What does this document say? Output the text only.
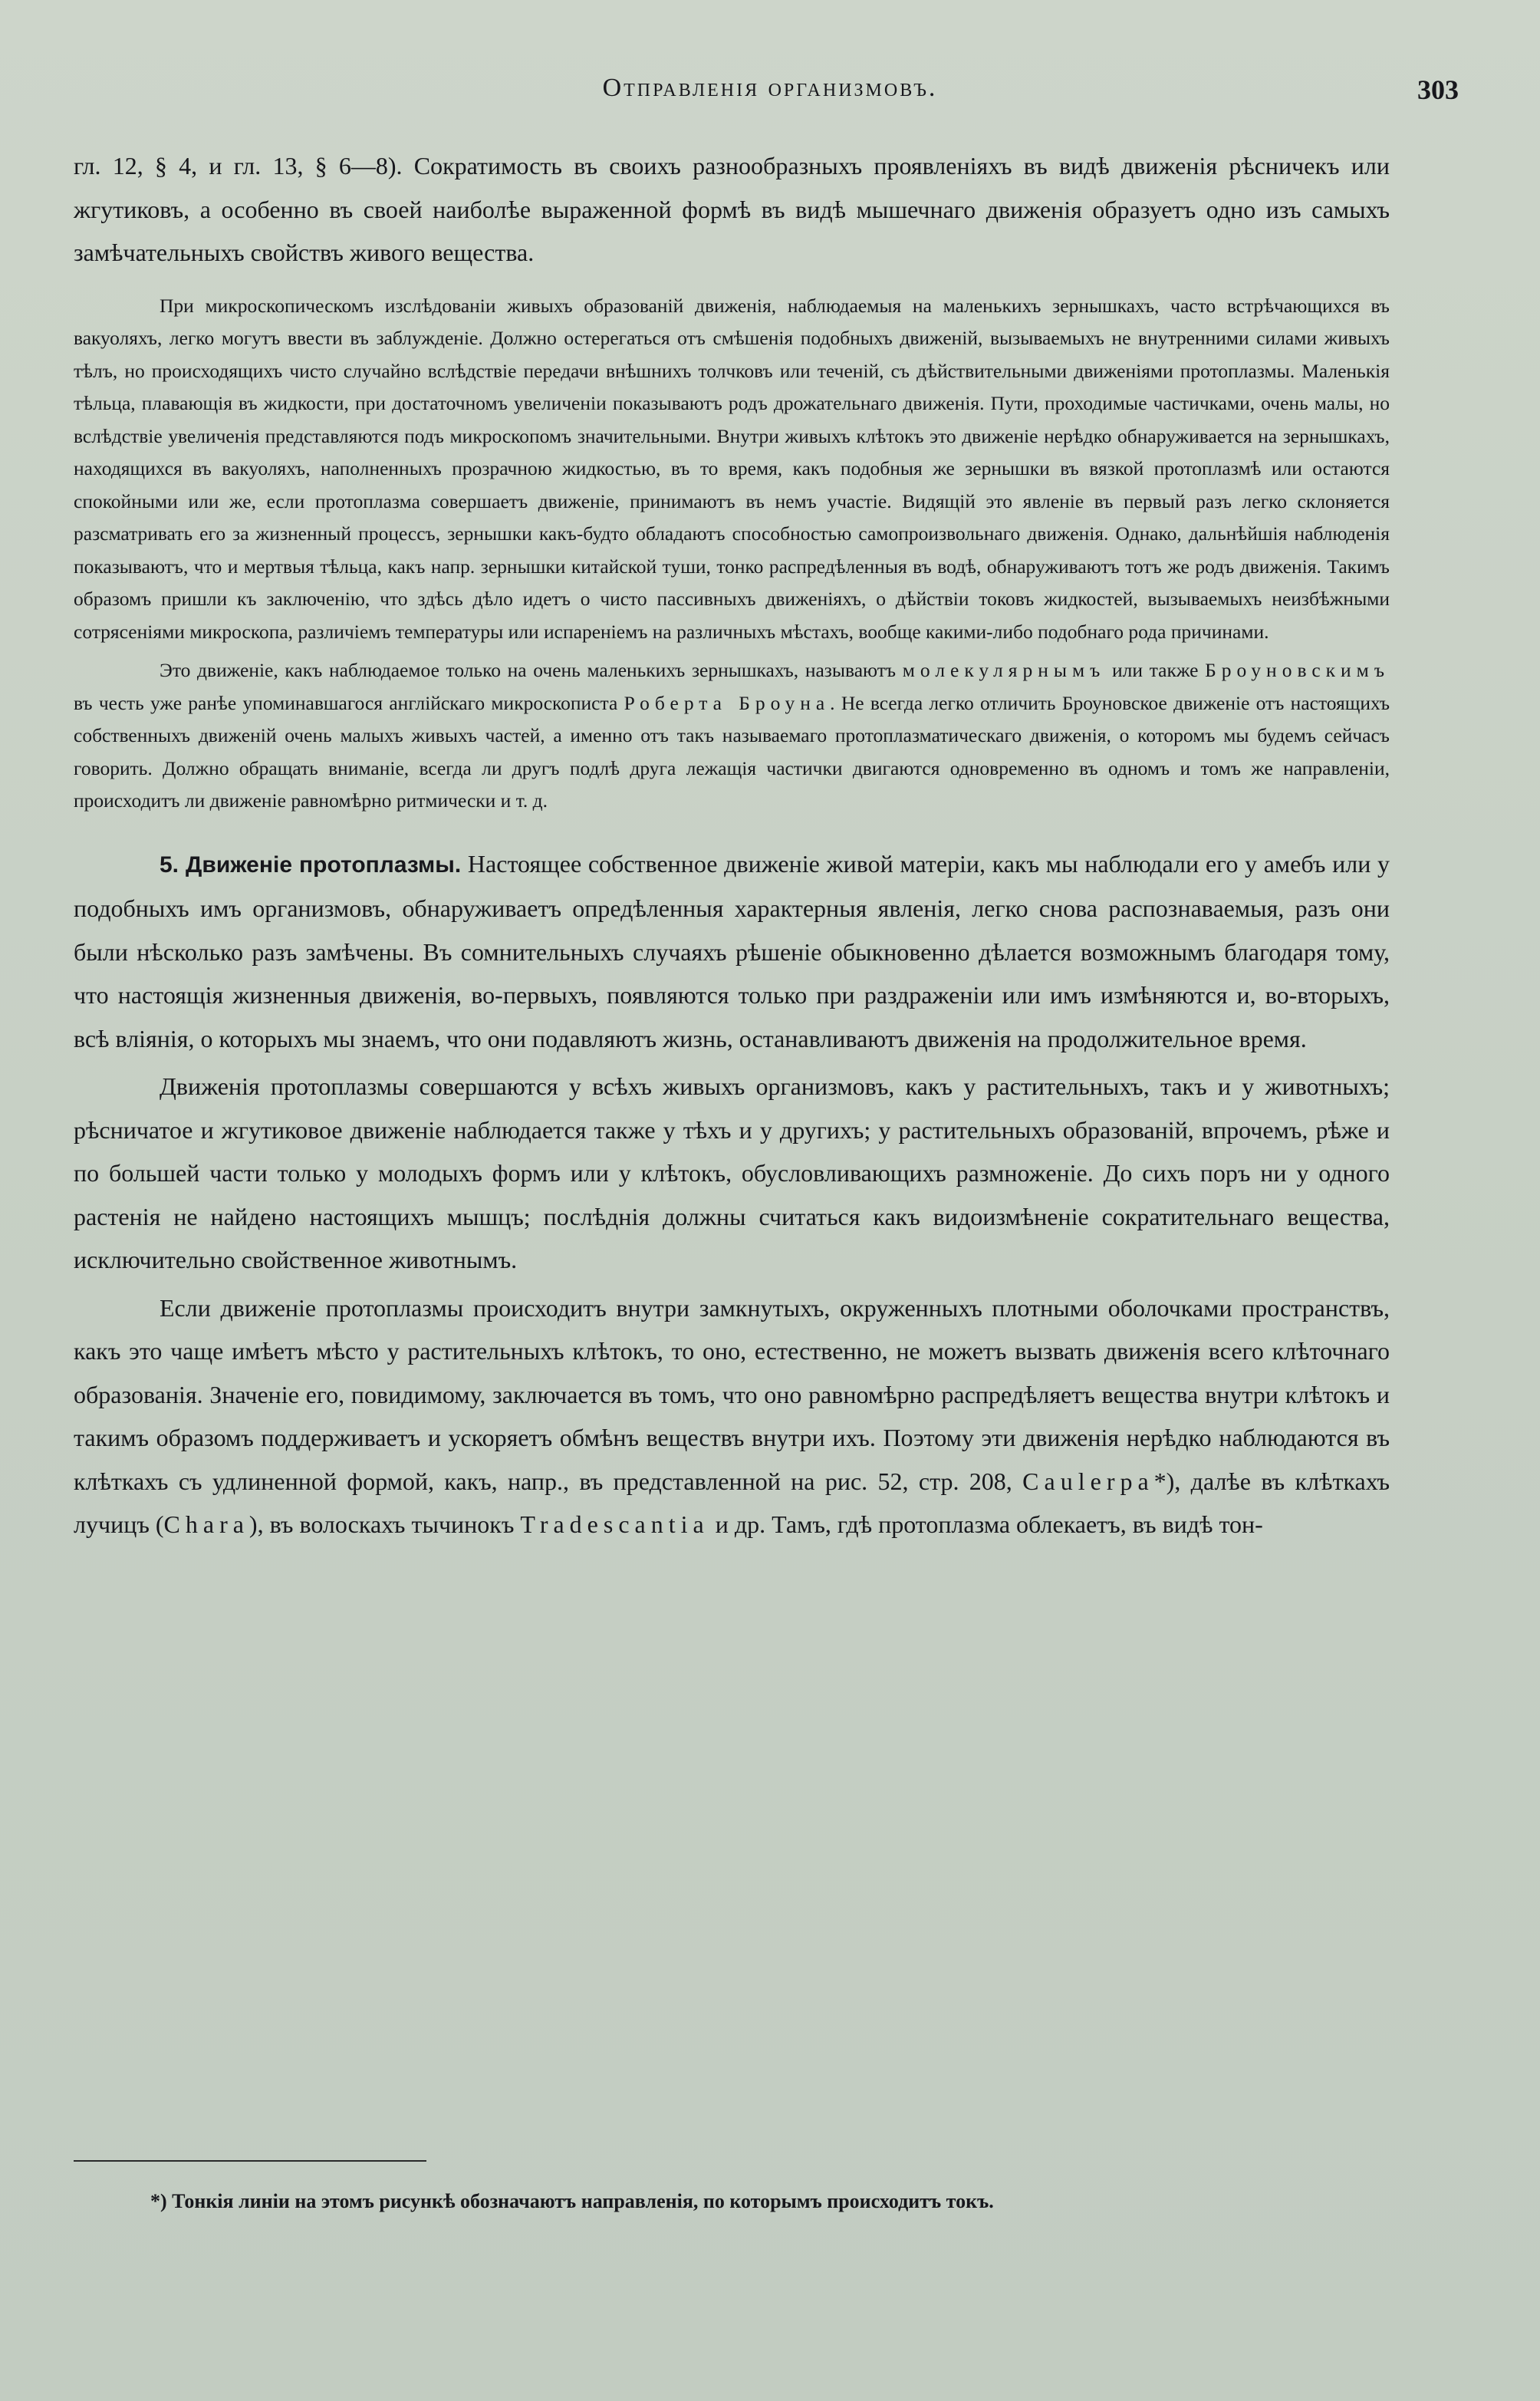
Отправленія организмовъ.	303

гл. 12, § 4, и гл. 13, § 6—8). Сократимость въ своихъ разнообразныхъ проявленіяхъ въ видѣ движенія рѣсничекъ или жгутиковъ, а особенно въ своей наиболѣе выраженной формѣ въ видѣ мышечнаго движенія образуетъ одно изъ самыхъ замѣчательныхъ свойствъ живого вещества.

При микроскопическомъ изслѣдованіи живыхъ образованій движенія, наблюдаемыя на маленькихъ зернышкахъ, часто встрѣчающихся въ вакуоляхъ, легко могутъ ввести въ заблужденіе. Должно остерегаться отъ смѣшенія подобныхъ движеній, вызываемыхъ не внутренними силами живыхъ тѣлъ, но происходящихъ чисто случайно вслѣдствіе передачи внѣшнихъ толчковъ или теченій, съ дѣйствительными движеніями протоплазмы. Маленькія тѣльца, плавающія въ жидкости, при достаточномъ увеличеніи показываютъ родъ дрожательнаго движенія. Пути, проходимые частичками, очень малы, но вслѣдствіе увеличенія представляются подъ микроскопомъ значительными. Внутри живыхъ клѣтокъ это движеніе нерѣдко обнаруживается на зернышкахъ, находящихся въ вакуоляхъ, наполненныхъ прозрачною жидкостью, въ то время, какъ подобныя же зернышки въ вязкой протоплазмѣ или остаются спокойными или же, если протоплазма совершаетъ движеніе, принимаютъ въ немъ участіе. Видящій это явленіе въ первый разъ легко склоняется разсматривать его за жизненный процессъ, зернышки какъ-будто обладаютъ способностью самопроизвольнаго движенія. Однако, дальнѣйшія наблюденія показываютъ, что и мертвыя тѣльца, какъ напр. зернышки китайской туши, тонко распредѣленныя въ водѣ, обнаруживаютъ тотъ же родъ движенія. Такимъ образомъ пришли къ заключенію, что здѣсь дѣло идетъ о чисто пассивныхъ движеніяхъ, о дѣйствіи токовъ жидкостей, вызываемыхъ неизбѣжными сотрясеніями микроскопа, различіемъ температуры или испареніемъ на различныхъ мѣстахъ, вообще какими-либо подобнаго рода причинами.

Это движеніе, какъ наблюдаемое только на очень маленькихъ зернышкахъ, называютъ молекулярнымъ или также Броуновскимъ въ честь уже ранѣе упоминавшагося англійскаго микроскописта Роберта Броуна. Не всегда легко отличить Броуновское движеніе отъ настоящихъ собственныхъ движеній очень малыхъ живыхъ частей, а именно отъ такъ называемаго протоплазматическаго движенія, о которомъ мы будемъ сейчасъ говорить. Должно обращать вниманіе, всегда ли другъ подлѣ друга лежащія частички двигаются одновременно въ одномъ и томъ же направленіи, происходитъ ли движеніе равномѣрно ритмически и т. д.

5. Движеніе протоплазмы. Настоящее собственное движеніе живой матеріи, какъ мы наблюдали его у амебъ или у подобныхъ имъ организмовъ, обнаруживаетъ опредѣленныя характерныя явленія, легко снова распознаваемыя, разъ они были нѣсколько разъ замѣчены. Въ сомнительныхъ случаяхъ рѣшеніе обыкновенно дѣлается возможнымъ благодаря тому, что настоящія жизненныя движенія, во-первыхъ, появляются только при раздраженіи или имъ измѣняются и, во-вторыхъ, всѣ вліянія, о которыхъ мы знаемъ, что они подавляютъ жизнь, останавливаютъ движенія на продолжительное время.

Движенія протоплазмы совершаются у всѣхъ живыхъ организмовъ, какъ у растительныхъ, такъ и у животныхъ; рѣсничатое и жгутиковое движеніе наблюдается также у тѣхъ и у другихъ; у растительныхъ образованій, впрочемъ, рѣже и по большей части только у молодыхъ формъ или у клѣтокъ, обусловливающихъ размноженіе. До сихъ поръ ни у одного растенія не найдено настоящихъ мышцъ; послѣднія должны считаться какъ видоизмѣненіе сократительнаго вещества, исключительно свойственное животнымъ.

Если движеніе протоплазмы происходитъ внутри замкнутыхъ, окруженныхъ плотными оболочками пространствъ, какъ это чаще имѣетъ мѣсто у растительныхъ клѣтокъ, то оно, естественно, не можетъ вызвать движенія всего клѣточнаго образованія. Значеніе его, повидимому, заключается въ томъ, что оно равномѣрно распредѣляетъ вещества внутри клѣтокъ и такимъ образомъ поддерживаетъ и ускоряетъ обмѣнъ веществъ внутри ихъ. Поэтому эти движенія нерѣдко наблюдаются въ клѣткахъ съ удлиненной формой, какъ, напр., въ представленной на рис. 52, стр. 208, Caulerpa*), далѣе въ клѣткахъ лучицъ (Chara), въ волоскахъ тычинокъ Tradescantia и др. Тамъ, гдѣ протоплазма облекаетъ, въ видѣ тон-

*) Тонкія линіи на этомъ рисункѣ обозначаютъ направленія, по которымъ происходитъ токъ.
